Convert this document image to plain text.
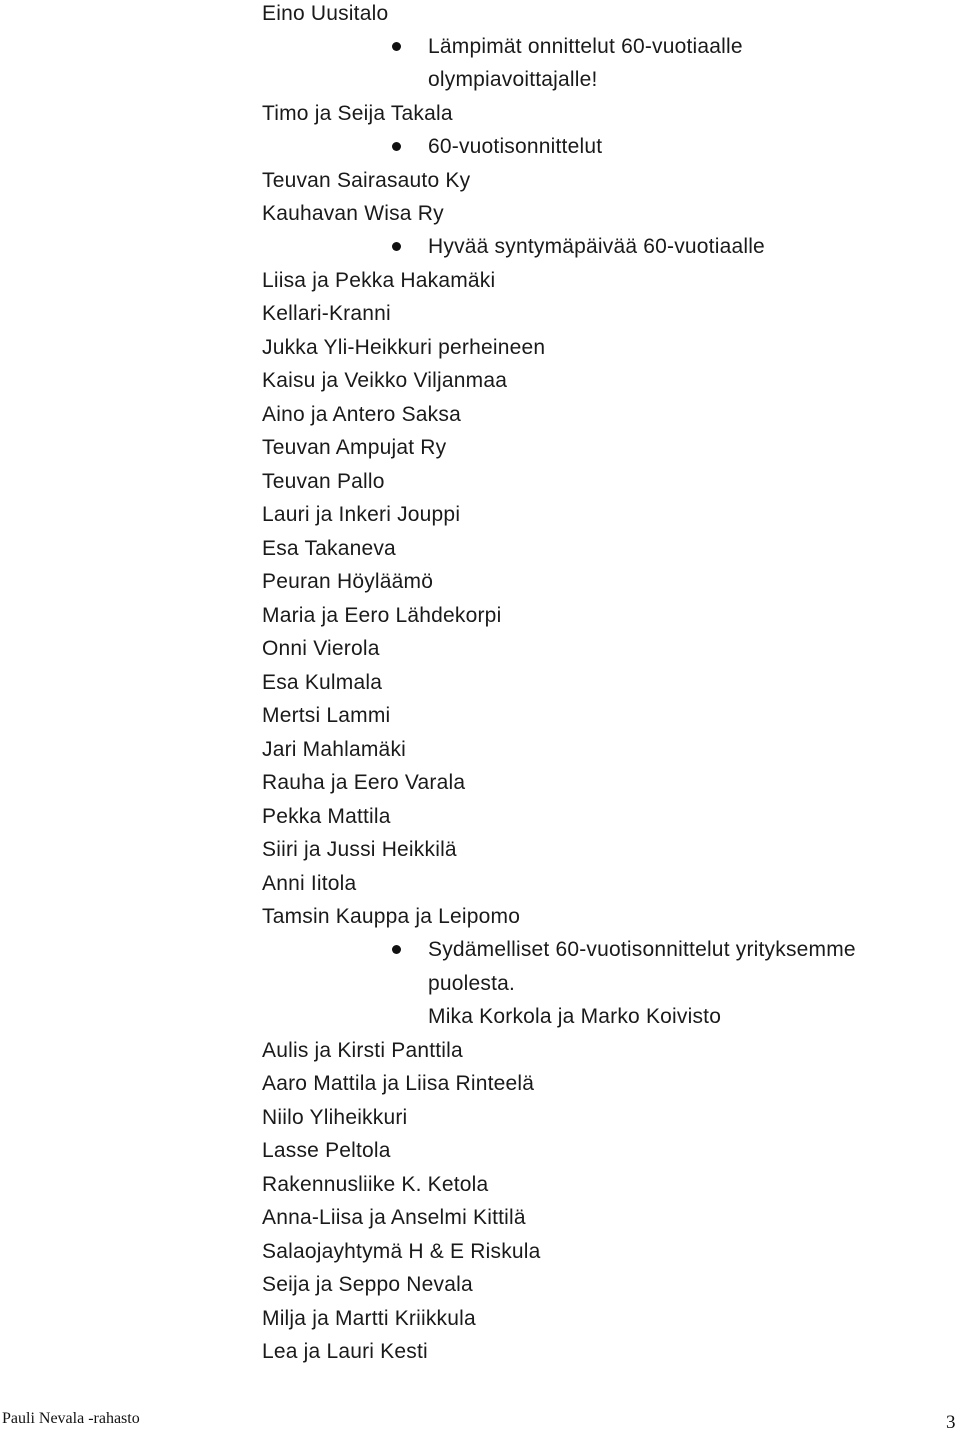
Eino Uusitalo
Lämpimät onnittelut 60-vuotiaalle
olympiavoittajalle!
Timo ja Seija Takala
60-vuotisonnittelut
Teuvan Sairasauto Ky
Kauhavan Wisa Ry
Hyvää syntymäpäivää 60-vuotiaalle
Liisa ja Pekka Hakamäki
Kellari-Kranni
Jukka Yli-Heikkuri perheineen
Kaisu ja Veikko Viljanmaa
Aino ja Antero Saksa
Teuvan Ampujat Ry
Teuvan Pallo
Lauri ja Inkeri Jouppi
Esa Takaneva
Peuran Höyläämö
Maria ja Eero Lähdekorpi
Onni Vierola
Esa Kulmala
Mertsi Lammi
Jari Mahlamäki
Rauha ja Eero Varala
Pekka Mattila
Siiri ja Jussi Heikkilä
Anni Iitola
Tamsin Kauppa ja Leipomo
Sydämelliset 60-vuotisonnittelut yrityksemme
puolesta.
Mika Korkola ja Marko Koivisto
Aulis ja Kirsti Panttila
Aaro Mattila ja Liisa Rinteelä
Niilo Yliheikkuri
Lasse Peltola
Rakennusliike K. Ketola
Anna-Liisa ja Anselmi Kittilä
Salaojayhtymä H & E Riskula
Seija ja Seppo Nevala
Milja ja Martti Kriikkula
Lea ja Lauri Kesti
Pauli Nevala -rahasto	3
